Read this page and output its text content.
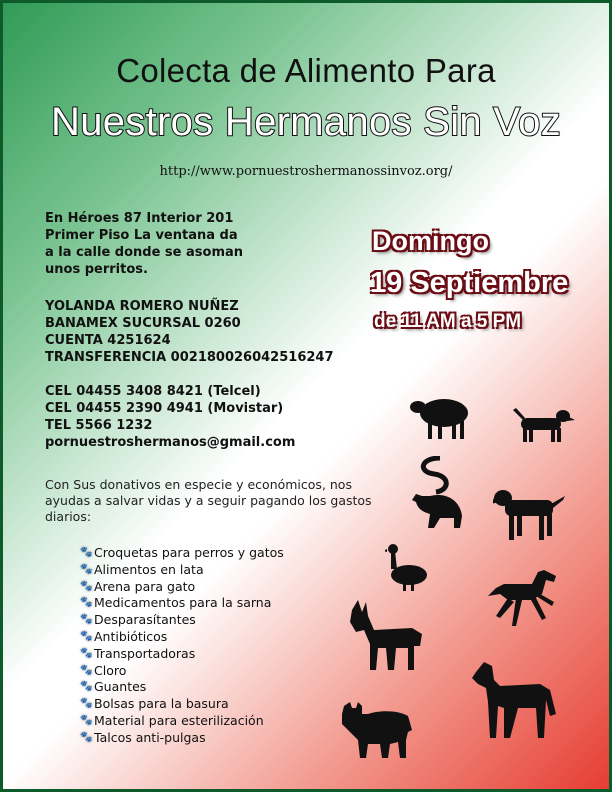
Colecta de Alimento Para
Nuestros Hermanos Sin Voz
http://www.pornuestroshermanossinvoz.org/
En Héroes 87 Interior 201
Primer Piso La ventana da
a la calle donde se asoman
unos perritos.
YOLANDA ROMERO NUÑEZ
BANAMEX SUCURSAL 0260
CUENTA 4251624
TRANSFERENCIA 002180026042516247
CEL 04455 3408 8421 (Telcel)
CEL 04455 2390 4941 (Movistar)
TEL 5566 1232
pornuestroshermanos@gmail.com
Con Sus donativos en especie y económicos, nos ayudas a salvar vidas y a seguir pagando los gastos diarios:
🐾 Croquetas para perros y gatos
🐾 Alimentos en lata
🐾 Arena para gato
🐾 Medicamentos para la sarna
🐾 Desparasítantes
🐾 Antibióticos
🐾 Transportadoras
🐾 Cloro
🐾 Guantes
🐾 Bolsas para la basura
🐾 Material para esterilización
🐾 Talcos anti-pulgas
Domingo
19 Septiembre
de 11 AM a 5 PM
